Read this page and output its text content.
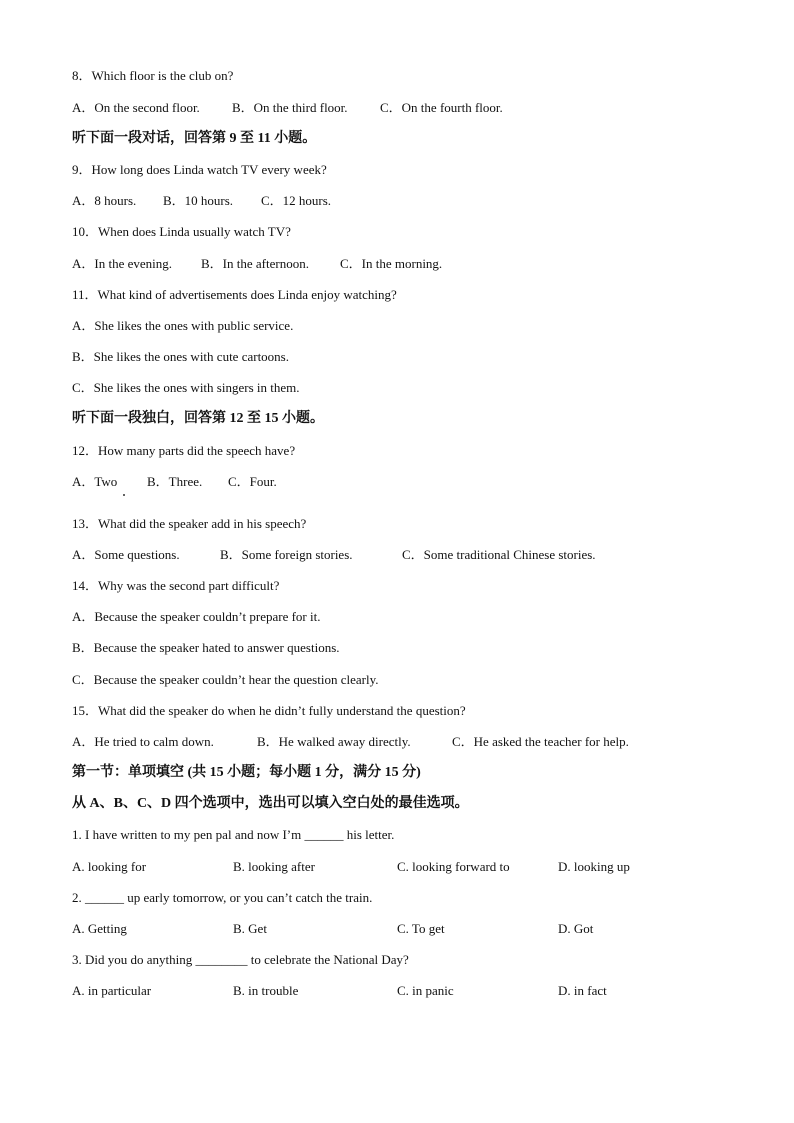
8．Which floor is the club on?
A．On the second floor. B．On the third floor. C．On the fourth floor.
听下面一段对话，回答第 9 至 11 小题。
9．How long does Linda watch TV every week?
A．8 hours. B．10 hours. C．12 hours.
10．When does Linda usually watch TV?
A．In the evening. B．In the afternoon. C．In the morning.
11．What kind of advertisements does Linda enjoy watching?
A．She likes the ones with public service.
B．She likes the ones with cute cartoons.
C．She likes the ones with singers in them.
听下面一段独白，回答第 12 至 15 小题。
12．How many parts did the speech have?
A．Two B．Three. C．Four.
13．What did the speaker add in his speech?
A．Some questions.	B．Some foreign stories.	C．Some traditional Chinese stories.
14．Why was the second part difficult?
A．Because the speaker couldn’t prepare for it.
B．Because the speaker hated to answer questions.
C．Because the speaker couldn’t hear the question clearly.
15．What did the speaker do when he didn’t fully understand the question?
A．He tried to calm down.	B．He walked away directly.	C．He asked the teacher for help.
第一节：单项填空 (共 15 小题；每小题 1 分，满分 15 分)
从 A、B、C、D 四个选项中，选出可以填入空白处的最佳选项。
1. I have written to my pen pal and now I’m ______ his letter.
A. looking for	B. looking after	C. looking forward to	D. looking up
2. ______ up early tomorrow, or you can’t catch the train.
A. Getting	B. Get	C. To get	D. Got
3. Did you do anything ________ to celebrate the National Day?
A. in particular	B. in trouble	C. in panic	D. in fact
